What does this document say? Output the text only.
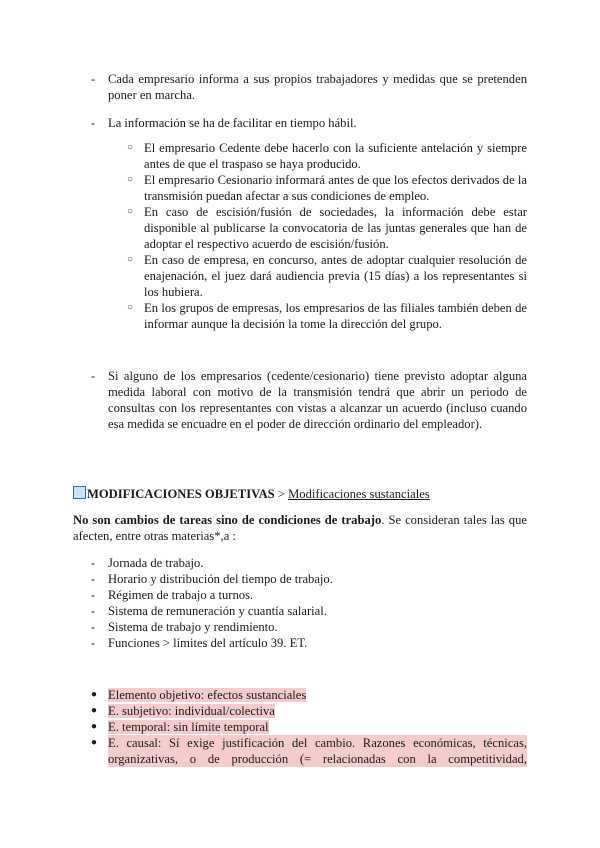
- Cada empresario informa a sus propios trabajadores y medidas que se pretenden poner en marcha.
- La información se ha de facilitar en tiempo hábil.
○ El empresario Cedente debe hacerlo con la suficiente antelación y siempre antes de que el traspaso se haya producido.
○ El empresario Cesionario informará antes de que los efectos derivados de la transmisión puedan afectar a sus condiciones de empleo.
○ En caso de escisión/fusión de sociedades, la información debe estar disponible al publicarse la convocatoria de las juntas generales que han de adoptar el respectivo acuerdo de escisión/fusión.
○ En caso de empresa, en concurso, antes de adoptar cualquier resolución de enajenación, el juez dará audiencia previa (15 días) a los representantes si los hubiera.
○ En los grupos de empresas, los empresarios de las filiales también deben de informar aunque la decisión la tome la dirección del grupo.
- Si alguno de los empresarios (cedente/cesionario) tiene previsto adoptar alguna medida laboral con motivo de la transmisión tendrá que abrir un periodo de consultas con los representantes con vistas a alcanzar un acuerdo (incluso cuando esa medida se encuadre en el poder de dirección ordinario del empleador).
MODIFICACIONES OBJETIVAS > Modificaciones sustanciales
No son cambios de tareas sino de condiciones de trabajo. Se consideran tales las que afecten, entre otras materias*,a :
- Jornada de trabajo.
- Horario y distribución del tiempo de trabajo.
- Régimen de trabajo a turnos.
- Sistema de remuneración y cuantía salarial.
- Sistema de trabajo y rendimiento.
- Funciones > límites del artículo 39. ET.
● Elemento objetivo: efectos sustanciales
● E. subjetivo: individual/colectiva
● E. temporal: sin límite temporal
● E. causal: Sí exige justificación del cambio. Razones económicas, técnicas,
organizativas, o de producción (= relacionadas con la competitividad,
